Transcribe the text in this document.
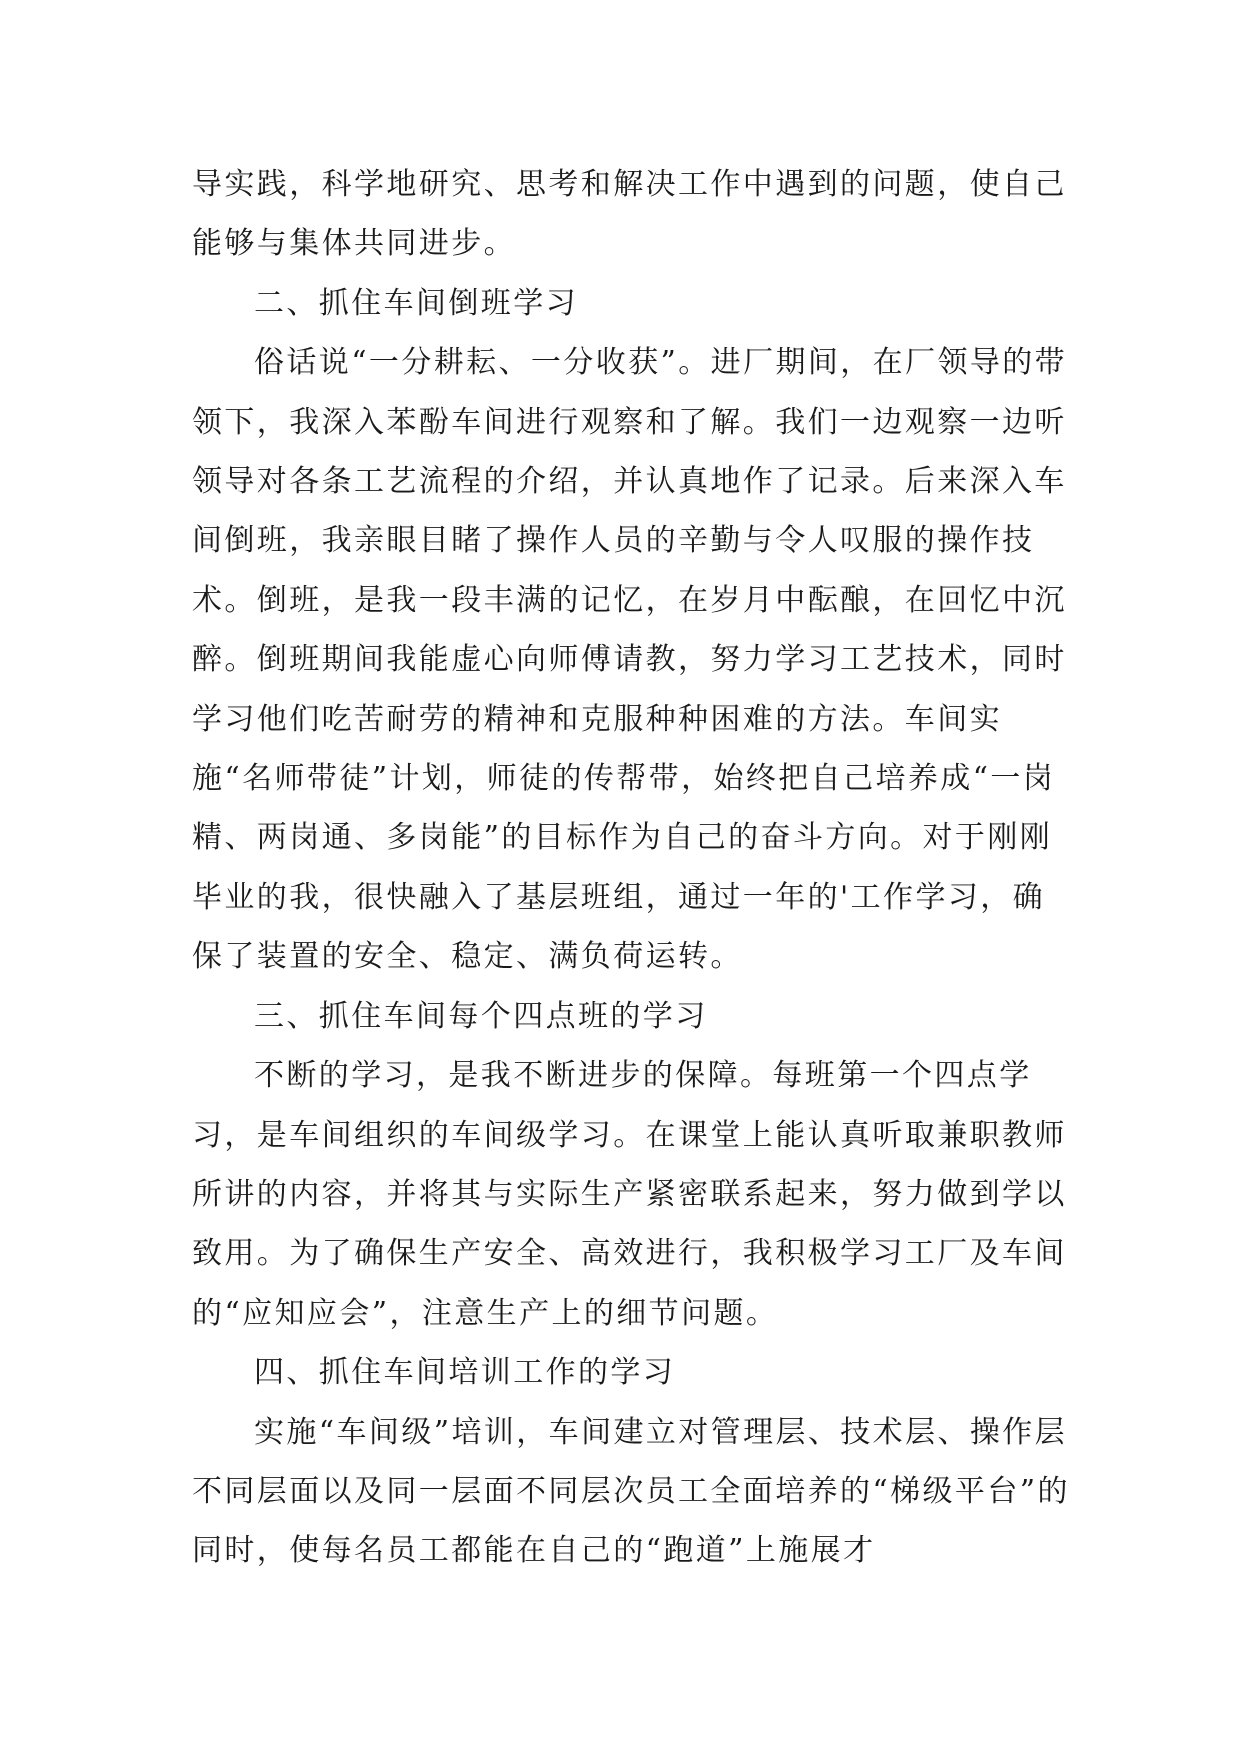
导实践，科学地研究、思考和解决工作中遇到的问题，使自己能够与集体共同进步。

二、抓住车间倒班学习

俗话说“一分耕耘、一分收获”。进厂期间，在厂领导的带领下，我深入苯酚车间进行观察和了解。我们一边观察一边听领导对各条工艺流程的介绍，并认真地作了记录。后来深入车间倒班，我亲眼目睹了操作人员的辛勤与令人叹服的操作技术。倒班，是我一段丰满的记忆，在岁月中酝酿，在回忆中沉醉。倒班期间我能虚心向师傅请教，努力学习工艺技术，同时学习他们吃苦耐劳的精神和克服种种困难的方法。车间实施“名师带徒”计划，师徒的传帮带，始终把自己培养成“一岗精、两岗通、多岗能”的目标作为自己的奋斗方向。对于刚刚毕业的我，很快融入了基层班组，通过一年的'工作学习，确保了装置的安全、稳定、满负荷运转。

三、抓住车间每个四点班的学习

不断的学习，是我不断进步的保障。每班第一个四点学习，是车间组织的车间级学习。在课堂上能认真听取兼职教师所讲的内容，并将其与实际生产紧密联系起来，努力做到学以致用。为了确保生产安全、高效进行，我积极学习工厂及车间的“应知应会”，注意生产上的细节问题。

四、抓住车间培训工作的学习

实施“车间级”培训，车间建立对管理层、技术层、操作层不同层面以及同一层面不同层次员工全面培养的“梯级平台”的同时，使每名员工都能在自己的“跑道”上施展才
